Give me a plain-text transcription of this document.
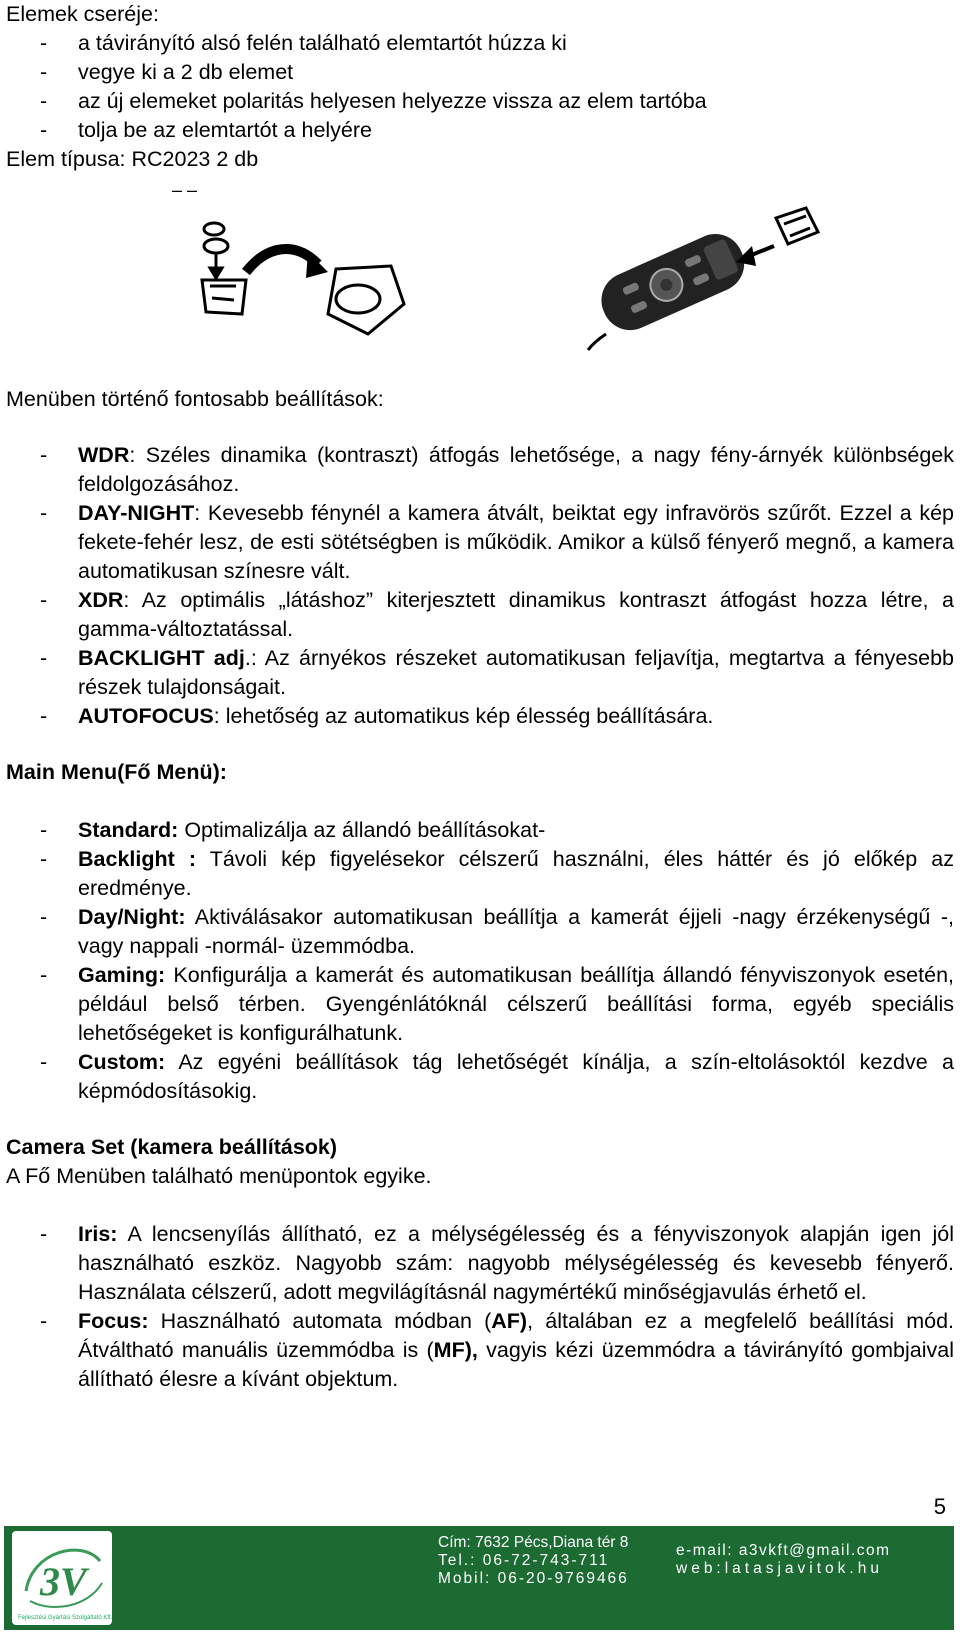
Elemek cseréje:
- a távirányító alsó felén található elemtartót húzza ki
- vegye ki a 2 db elemet
- az új elemeket polaritás helyesen helyezze vissza az elem tartóba
- tolja be az elemtartót a helyére
Elem típusa: RC2023 2 db
– –
Menüben történő fontosabb beállítások:
- WDR: Széles dinamika (kontraszt) átfogás lehetősége, a nagy fény-árnyék különbségek feldolgozásához.
- DAY-NIGHT: Kevesebb fénynél a kamera átvált, beiktat egy infravörös szűrőt. Ezzel a kép fekete-fehér lesz, de esti sötétségben is működik. Amikor a külső fényerő megnő, a kamera automatikusan színesre vált.
- XDR: Az optimális „látáshoz” kiterjesztett dinamikus kontraszt átfogást hozza létre, a gamma-változtatással.
- BACKLIGHT adj.: Az árnyékos részeket automatikusan feljavítja, megtartva a fényesebb részek tulajdonságait.
- AUTOFOCUS: lehetőség az automatikus kép élesség beállítására.
Main Menu(Fő Menü):
- Standard: Optimalizálja az állandó beállításokat-
- Backlight : Távoli kép figyelésekor célszerű használni, éles háttér és jó előkép az eredménye.
- Day/Night: Aktiválásakor automatikusan beállítja a kamerát éjjeli -nagy érzékenységű -, vagy nappali -normál- üzemmódba.
- Gaming: Konfigurálja a kamerát és automatikusan beállítja állandó fényviszonyok esetén, például belső térben. Gyengénlátóknál célszerű beállítási forma, egyéb speciális lehetőségeket is konfigurálhatunk.
- Custom: Az egyéni beállítások tág lehetőségét kínálja, a szín-eltolásoktól kezdve a képmódosításokig.
Camera Set (kamera beállítások)
A Fő Menüben található menüpontok egyike.
- Iris: A lencsenyílás állítható, ez a mélységélesség és a fényviszonyok alapján igen jól használható eszköz. Nagyobb szám: nagyobb mélységélesség és kevesebb fényerő. Használata célszerű, adott megvilágításnál nagymértékű minőségjavulás érhető el.
- Focus: Használható automata módban (AF), általában ez a megfelelő beállítási mód. Átváltható manuális üzemmódba is (MF), vagyis kézi üzemmódra a távirányító gombjaival állítható élesre a kívánt objektum.
5
3V
Fejlesztési Gyártási Szolgáltató Kft.
Cím: 7632 Pécs,Diana tér 8
Tel.: 06-72-743-711
Mobil: 06-20-9769466
e-mail: a3vkft@gmail.com
web:latasjavitok.hu
